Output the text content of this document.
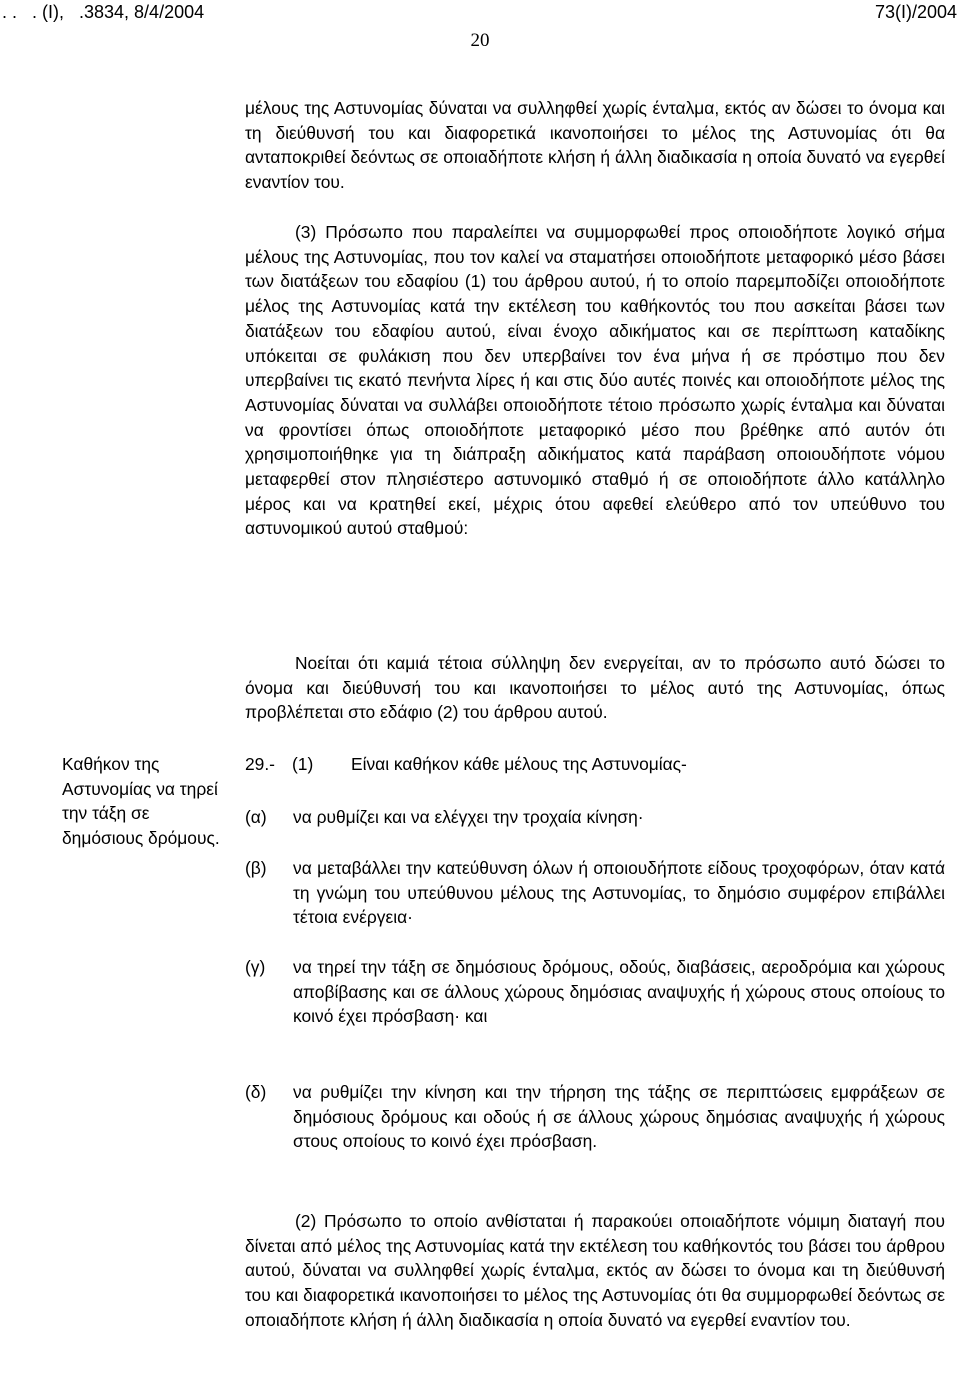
. .   . (Ι),   .3834, 8/4/2004	73(Ι)/2004
20

μέλους της Αστυνομίας δύναται να συλληφθεί χωρίς ένταλμα, εκτός αν δώσει το όνομα και τη διεύθυνσή του και διαφορετικά ικανοποιήσει το μέλος της Αστυνομίας ότι θα ανταποκριθεί δεόντως σε οποιαδήποτε κλήση ή άλλη διαδικασία η οποία δυνατό να εγερθεί εναντίον του.

(3) Πρόσωπο που παραλείπει να συμμορφωθεί προς οποιοδήποτε λογικό σήμα μέλους της Αστυνομίας, που τον καλεί να σταματήσει οποιοδήποτε μεταφορικό μέσο βάσει των διατάξεων του εδαφίου (1) του άρθρου αυτού, ή το οποίο παρεμποδίζει οποιοδήποτε μέλος της Αστυνομίας κατά την εκτέλεση του καθήκοντός του που ασκείται βάσει των διατάξεων του εδαφίου αυτού, είναι ένοχο αδικήματος και σε περίπτωση καταδίκης υπόκειται σε φυλάκιση που δεν υπερβαίνει τον ένα μήνα ή σε πρόστιμο που δεν υπερβαίνει τις εκατό πενήντα λίρες ή και στις δύο αυτές ποινές και οποιοδήποτε μέλος της Αστυνομίας δύναται να συλλάβει οποιοδήποτε τέτοιο πρόσωπο χωρίς ένταλμα και δύναται να φροντίσει όπως οποιοδήποτε μεταφορικό μέσο που βρέθηκε από αυτόν ότι χρησιμοποιήθηκε για τη διάπραξη αδικήματος κατά παράβαση οποιουδήποτε νόμου μεταφερθεί στον πλησιέστερο αστυνομικό σταθμό ή σε οποιοδήποτε άλλο κατάλληλο μέρος και να κρατηθεί εκεί, μέχρις ότου αφεθεί ελεύθερο από τον υπεύθυνο του αστυνομικού αυτού σταθμού:

Νοείται ότι καμιά τέτοια σύλληψη δεν ενεργείται, αν το πρόσωπο αυτό δώσει το όνομα και διεύθυνσή του και ικανοποιήσει το μέλος αυτό της Αστυνομίας, όπως προβλέπεται στο εδάφιο (2) του άρθρου αυτού.

Καθήκον της Αστυνομίας να τηρεί την τάξη σε δημόσιους δρόμους.

29.-

(1)

Είναι καθήκον κάθε μέλους της Αστυνομίας-

(α) να ρυθμίζει και να ελέγχει την τροχαία κίνηση·

(β) να μεταβάλλει την κατεύθυνση όλων ή οποιουδήποτε είδους τροχοφόρων, όταν κατά τη γνώμη του υπεύθυνου μέλους της Αστυνομίας, το δημόσιο συμφέρον επιβάλλει τέτοια ενέργεια·

(γ) να τηρεί την τάξη σε δημόσιους δρόμους, οδούς, διαβάσεις, αεροδρόμια και χώρους αποβίβασης και σε άλλους χώρους δημόσιας αναψυχής ή χώρους στους οποίους το κοινό έχει πρόσβαση· και

(δ) να ρυθμίζει την κίνηση και την τήρηση της τάξης σε περιπτώσεις εμφράξεων σε δημόσιους δρόμους και οδούς ή σε άλλους χώρους δημόσιας αναψυχής ή χώρους στους οποίους το κοινό έχει πρόσβαση.

(2) Πρόσωπο το οποίο ανθίσταται ή παρακούει οποιαδήποτε νόμιμη διαταγή που δίνεται από μέλος της Αστυνομίας κατά την εκτέλεση του καθήκοντός του βάσει του άρθρου αυτού, δύναται να συλληφθεί χωρίς ένταλμα, εκτός αν δώσει το όνομα και τη διεύθυνσή του και διαφορετικά ικανοποιήσει το μέλος της Αστυνομίας ότι θα συμμορφωθεί δεόντως σε οποιαδήποτε κλήση ή άλλη διαδικασία η οποία δυνατό να εγερθεί εναντίον του.
